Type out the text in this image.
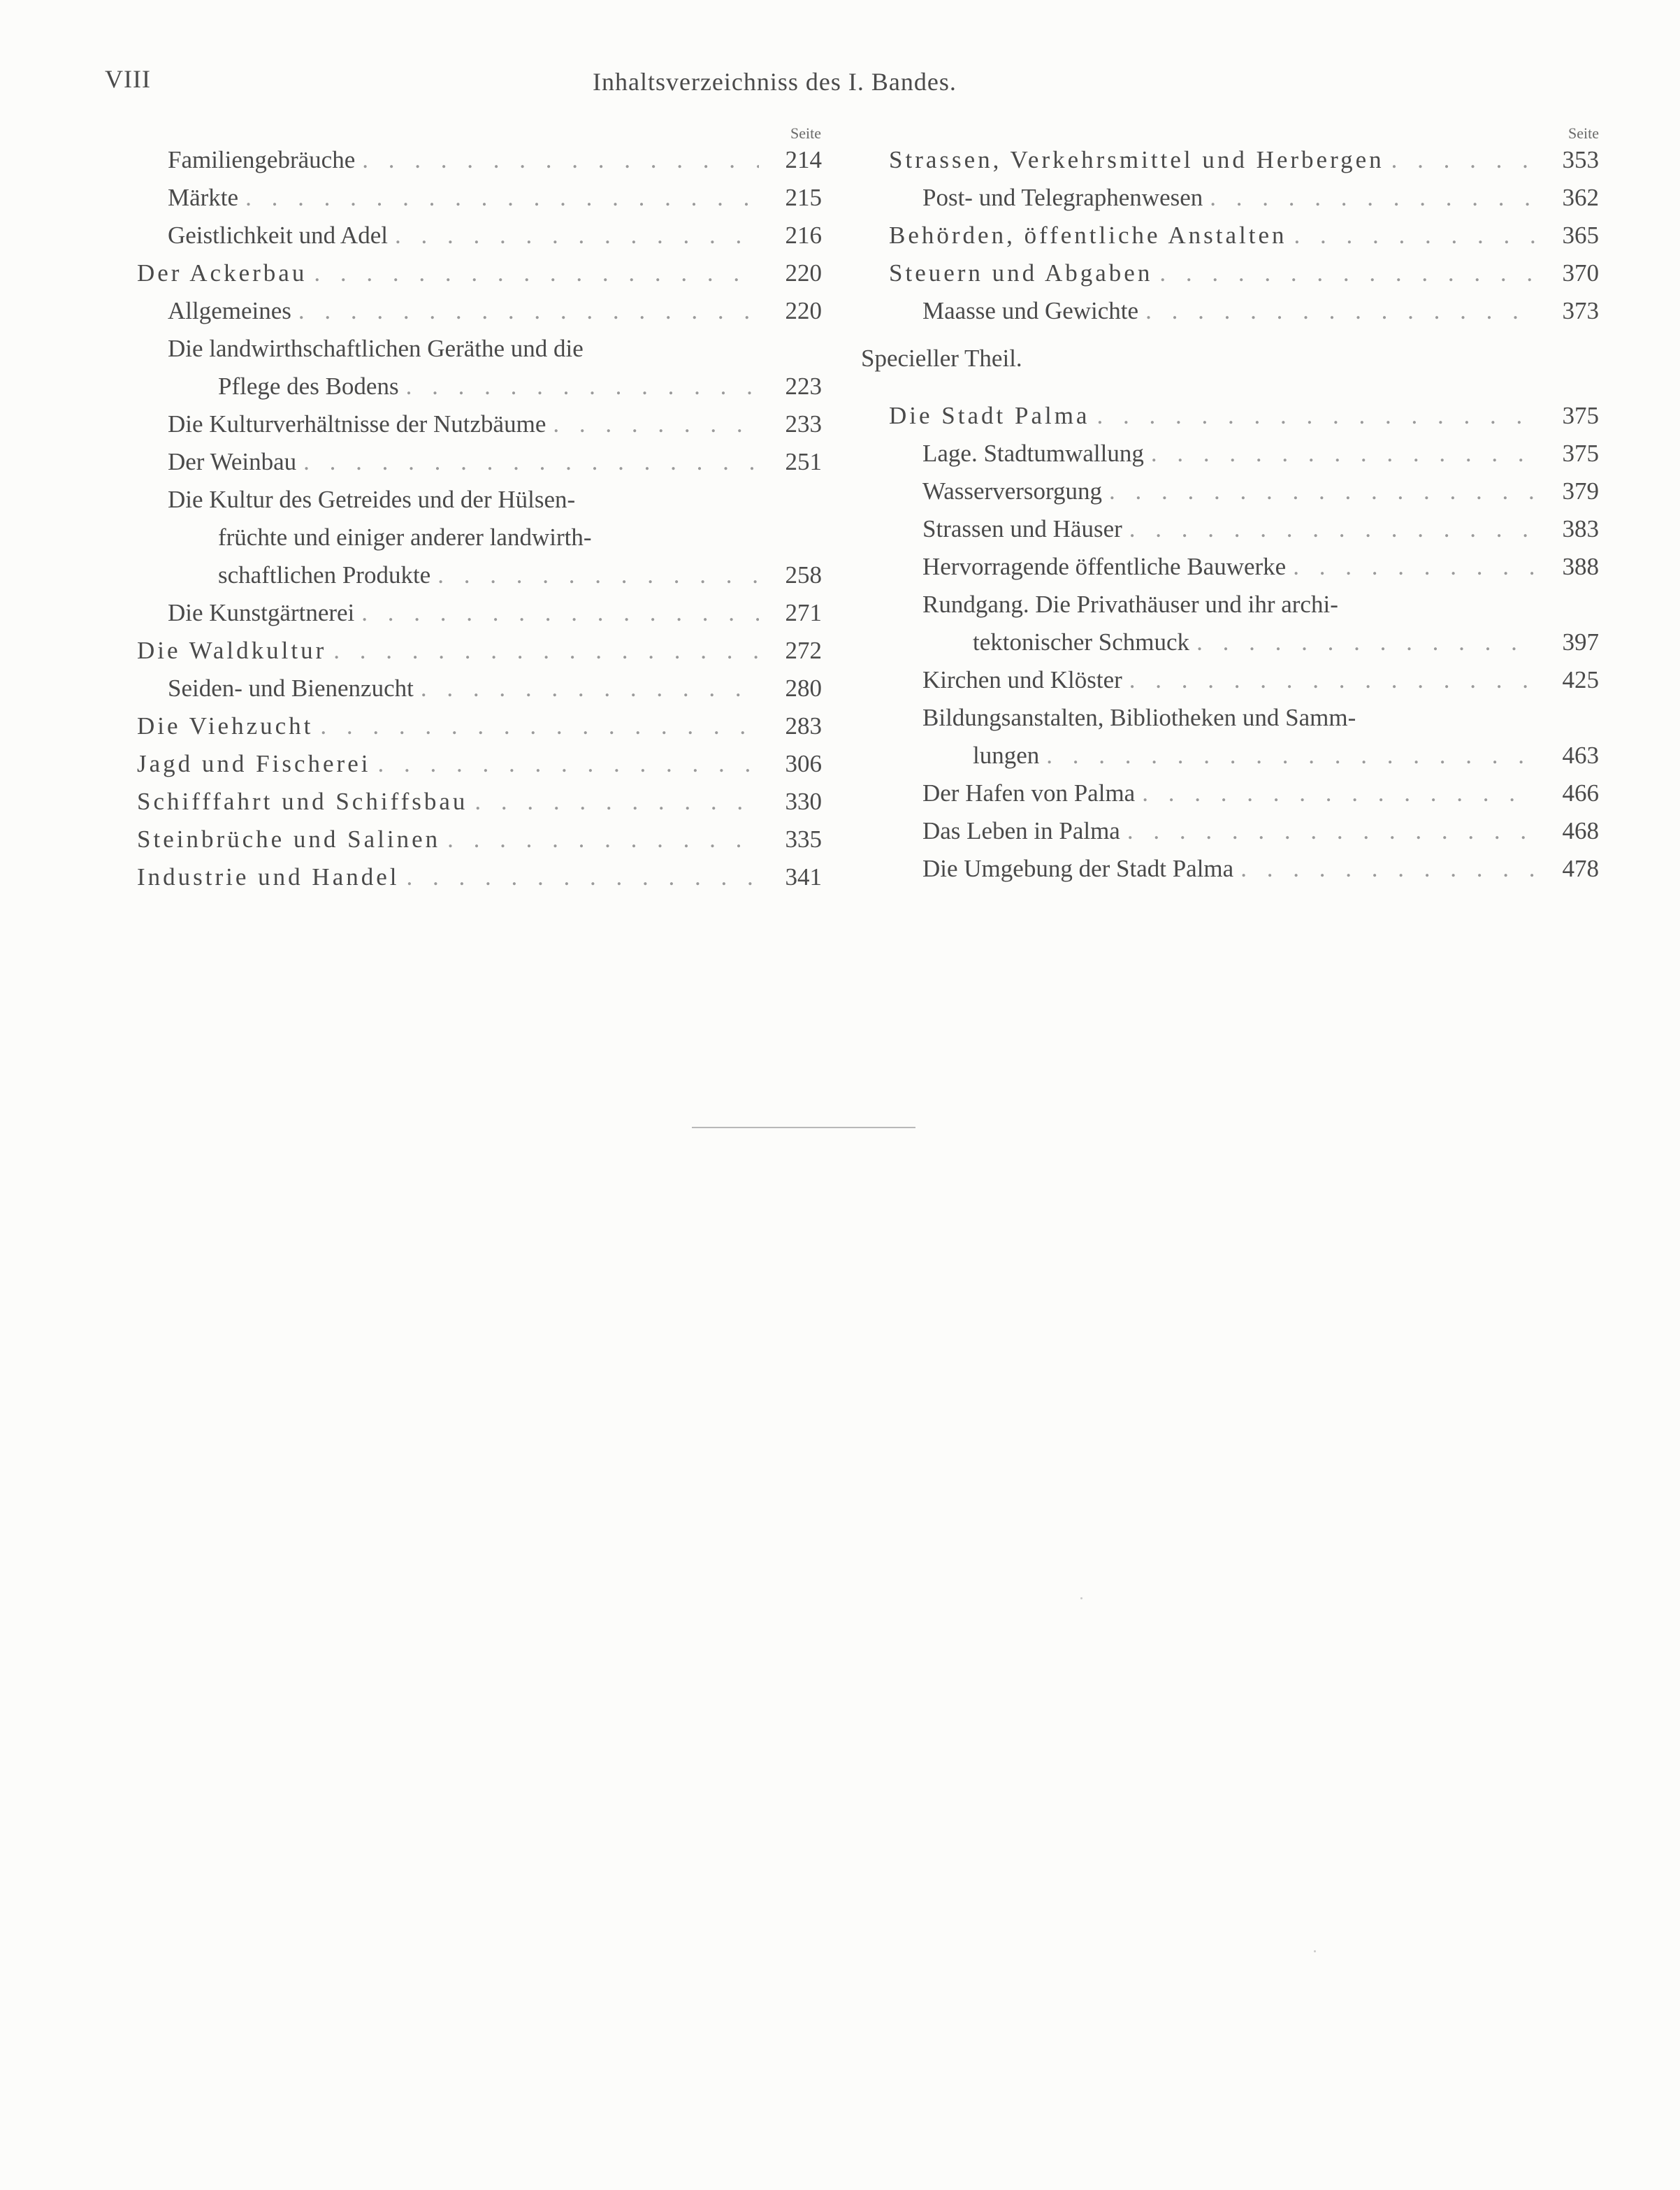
VIII	Inhaltsverzeichniss des I. Bandes.
Seite	Seite
Familiengebräuche . . .	214
Märkte . . .	215
Geistlichkeit und Adel . . .	216
Der Ackerbau . . .	220
Allgemeines . . .	220
Die landwirthschaftlichen Geräthe und die
Pflege des Bodens . . .	223
Die Kulturverhältnisse der Nutzbäume . . .	233
Der Weinbau . . .	251
Die Kultur des Getreides und der Hülsen-
früchte und einiger anderer landwirth-
schaftlichen Produkte . . .	258
Die Kunstgärtnerei . . .	271
Die Waldkultur . . .	272
Seiden- und Bienenzucht . . .	280
Die Viehzucht . . .	283
Jagd und Fischerei . . .	306
Schifffahrt und Schiffsbau . . .	330
Steinbrüche und Salinen . . .	335
Industrie und Handel . . .	341
Strassen, Verkehrsmittel und Herbergen . . .	353
Post- und Telegraphenwesen . . .	362
Behörden, öffentliche Anstalten . . .	365
Steuern und Abgaben . . .	370
Maasse und Gewichte . . .	373
Specieller Theil.
Die Stadt Palma . . .	375
Lage. Stadtumwallung . . .	375
Wasserversorgung . . .	379
Strassen und Häuser . . .	383
Hervorragende öffentliche Bauwerke . . .	388
Rundgang. Die Privathäuser und ihr archi-
tektonischer Schmuck . . .	397
Kirchen und Klöster . . .	425
Bildungsanstalten, Bibliotheken und Samm-
lungen . . .	463
Der Hafen von Palma . . .	466
Das Leben in Palma . . .	468
Die Umgebung der Stadt Palma . . .	478
